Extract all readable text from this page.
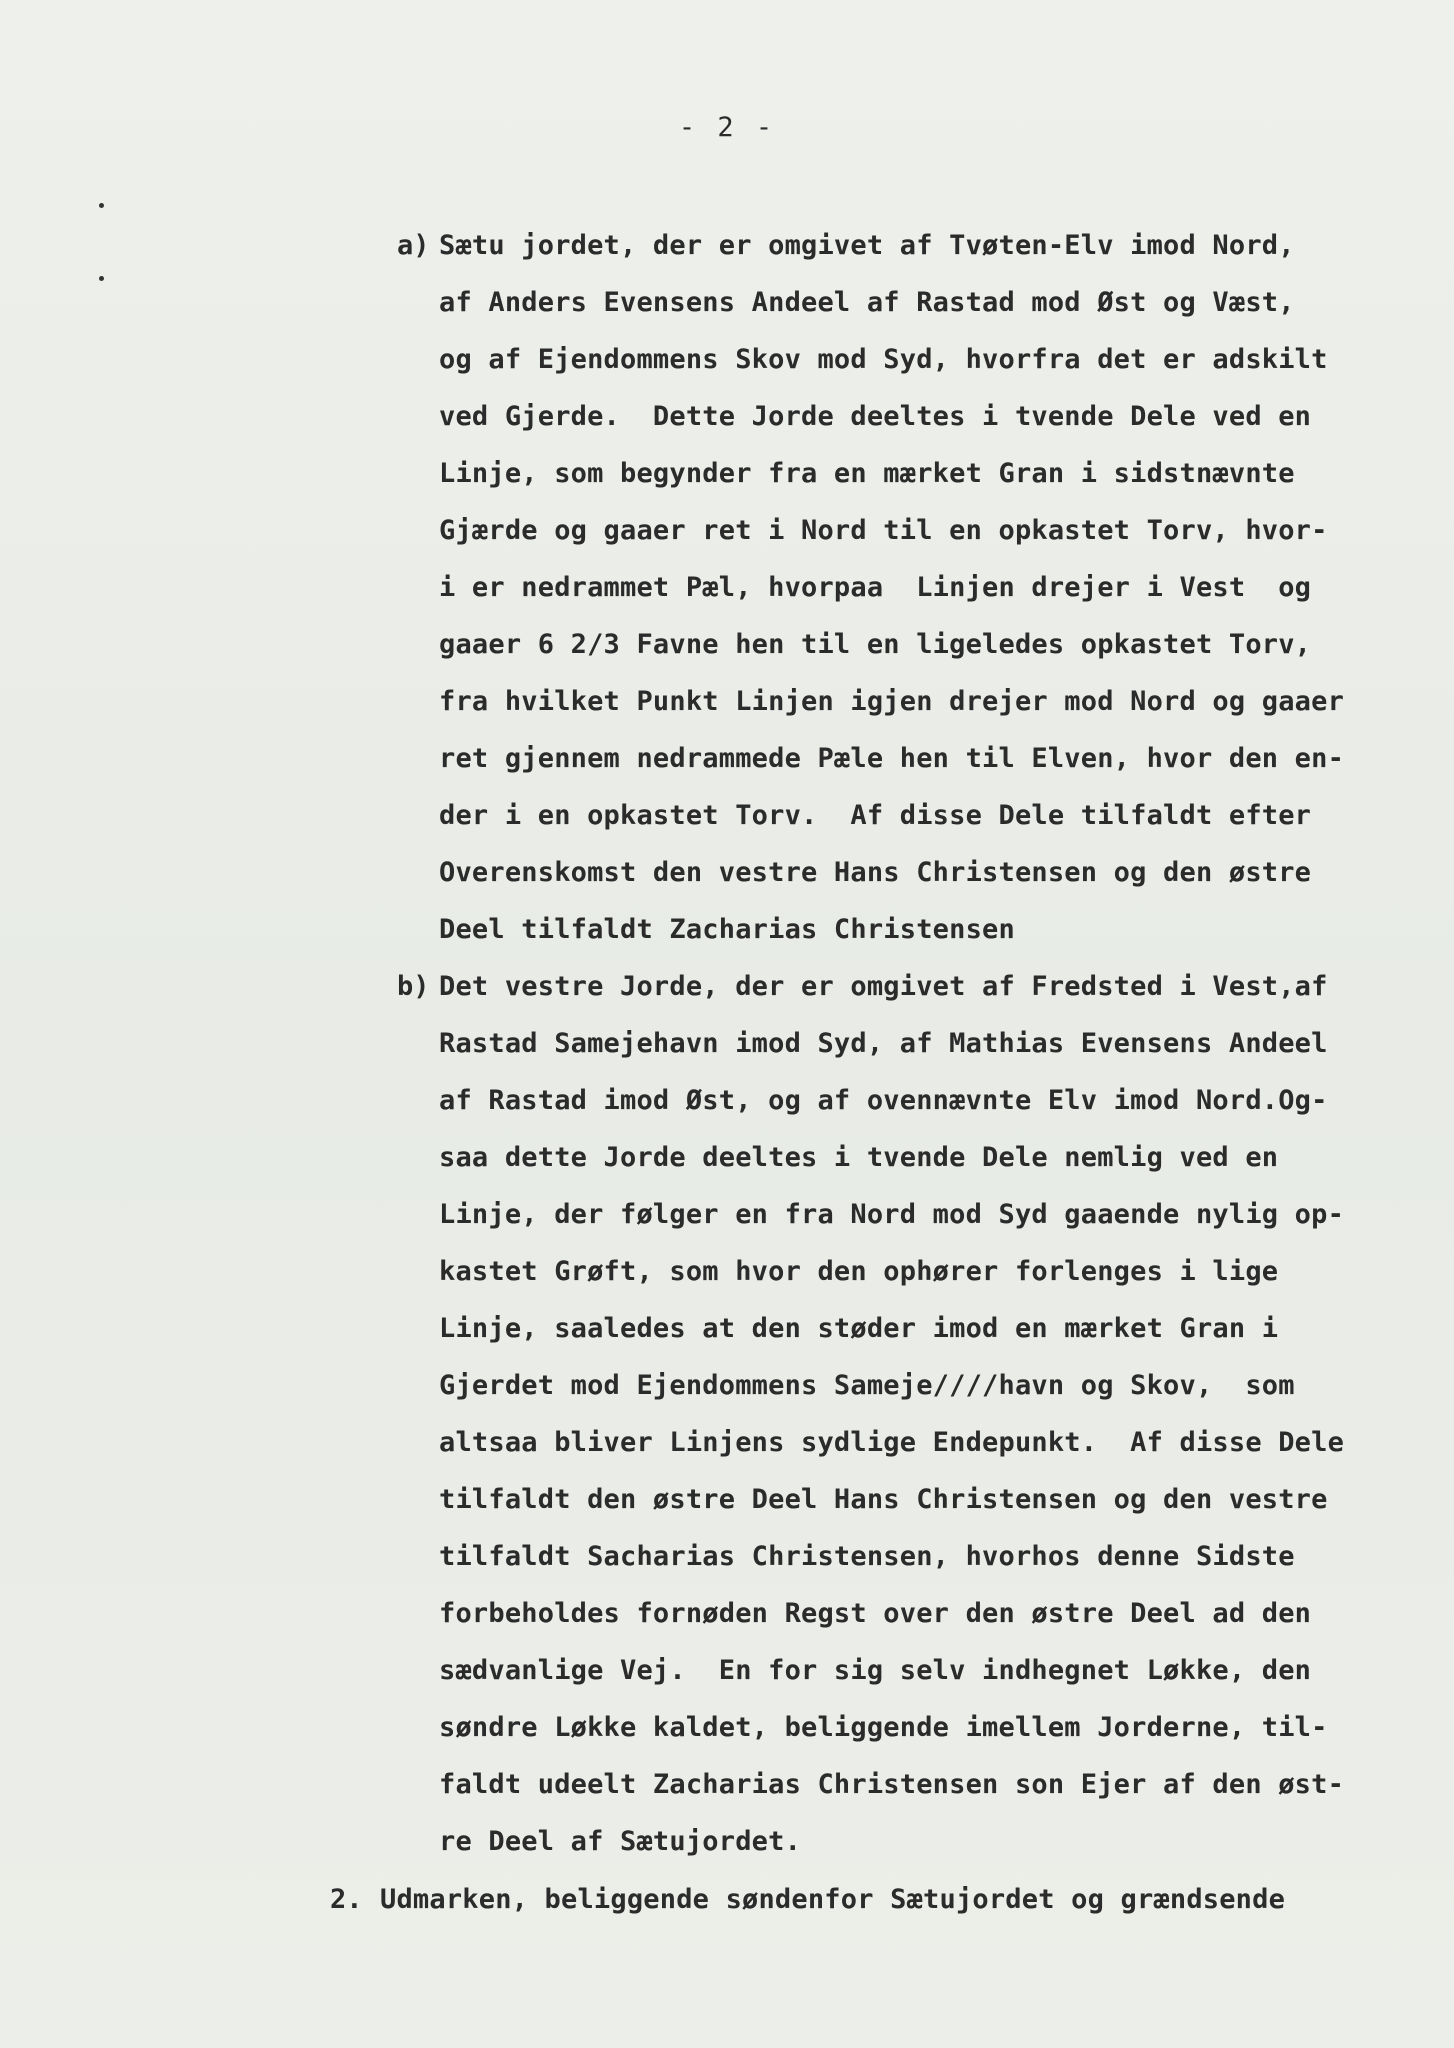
- 2 -
a) Sætu jordet, der er omgivet af Tvøten-Elv imod Nord,
af Anders Evensens Andeel af Rastad mod Øst og Væst,
og af Ejendommens Skov mod Syd, hvorfra det er adskilt
ved Gjerde.  Dette Jorde deeltes i tvende Dele ved en
Linje, som begynder fra en mærket Gran i sidstnævnte
Gjærde og gaaer ret i Nord til en opkastet Torv, hvor-
i er nedrammet Pæl, hvorpaa  Linjen drejer i Vest  og
gaaer 6 2/3 Favne hen til en ligeledes opkastet Torv,
fra hvilket Punkt Linjen igjen drejer mod Nord og gaaer
ret gjennem nedrammede Pæle hen til Elven, hvor den en-
der i en opkastet Torv.  Af disse Dele tilfaldt efter
Overenskomst den vestre Hans Christensen og den østre
Deel tilfaldt Zacharias Christensen
b) Det vestre Jorde, der er omgivet af Fredsted i Vest,af
Rastad Samejehavn imod Syd, af Mathias Evensens Andeel
af Rastad imod Øst, og af ovennævnte Elv imod Nord.Og-
saa dette Jorde deeltes i tvende Dele nemlig ved en
Linje, der følger en fra Nord mod Syd gaaende nylig op-
kastet Grøft, som hvor den ophører forlenges i lige
Linje, saaledes at den støder imod en mærket Gran i
Gjerdet mod Ejendommens Sameje////havn og Skov,  som
altsaa bliver Linjens sydlige Endepunkt.  Af disse Dele
tilfaldt den østre Deel Hans Christensen og den vestre
tilfaldt Sacharias Christensen, hvorhos denne Sidste
forbeholdes fornøden Regst over den østre Deel ad den
sædvanlige Vej.  En for sig selv indhegnet Løkke, den
søndre Løkke kaldet, beliggende imellem Jorderne, til-
faldt udeelt Zacharias Christensen son Ejer af den øst-
re Deel af Sætujordet.
2. Udmarken, beliggende søndenfor Sætujordet og grændsende
